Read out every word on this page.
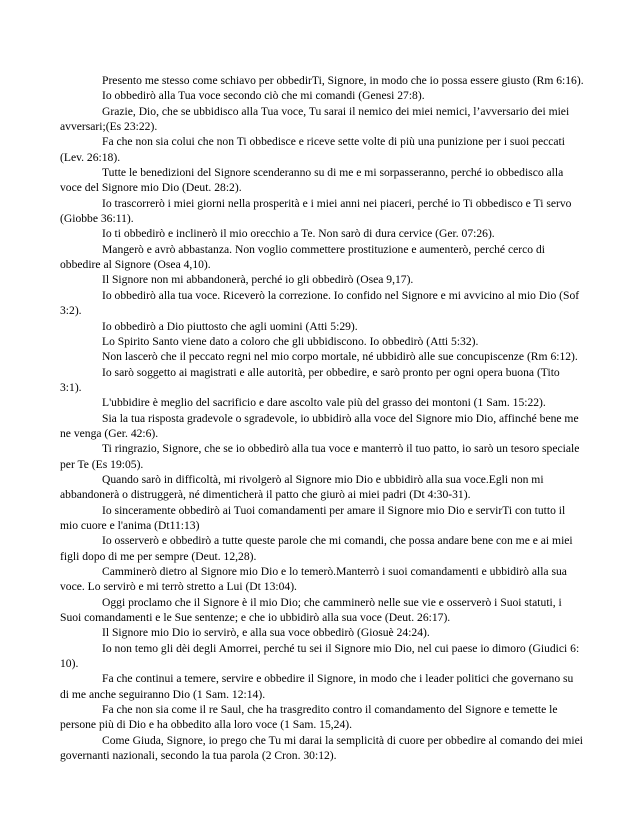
Presento me stesso come schiavo per obbedirTi, Signore, in modo che io possa essere giusto (Rm 6:16).

Io obbedirò alla Tua voce secondo ciò che mi comandi (Genesi 27:8).

Grazie, Dio, che se ubbidisco alla Tua voce, Tu sarai il nemico dei miei nemici, l’avversario dei miei avversari;(Es 23:22).

Fa che non sia colui che non Ti obbedisce e riceve sette volte di più una punizione per i suoi peccati (Lev. 26:18).

Tutte le benedizioni del Signore scenderanno su di me e mi sorpasseranno, perché io obbedisco alla voce del Signore mio Dio (Deut. 28:2).

Io trascorrerò i miei giorni nella prosperità e i miei anni nei piaceri, perché io Ti obbedisco e Ti servo (Giobbe 36:11).

Io ti obbedirò e inclinerò il mio orecchio a Te. Non sarò di dura cervice (Ger. 07:26).

Mangerò e avrò abbastanza. Non voglio commettere prostituzione e aumenterò, perché cerco di obbedire al Signore (Osea 4,10).

Il Signore non mi abbandonerà, perché io gli obbedirò (Osea 9,17).

Io obbedirò alla tua voce. Riceverò la correzione. Io confido nel Signore e mi avvicino al mio Dio (Sof 3:2).

Io obbedirò a Dio piuttosto che agli uomini (Atti 5:29).

Lo Spirito Santo viene dato a coloro che gli ubbidiscono. Io obbedirò (Atti 5:32).

Non lascerò che il peccato regni nel mio corpo mortale, né ubbidirò alle sue concupiscenze (Rm 6:12).

Io sarò soggetto ai magistrati e alle autorità, per obbedire, e sarò pronto per ogni opera buona (Tito 3:1).

L'ubbidire è meglio del sacrificio e dare ascolto vale più del grasso dei montoni (1 Sam. 15:22).

Sia la tua risposta gradevole o sgradevole, io ubbidirò alla voce del Signore mio Dio, affinché bene me ne venga (Ger. 42:6).

Ti ringrazio, Signore, che se io obbedirò alla tua voce e manterrò il tuo patto, io sarò un tesoro speciale per Te (Es 19:05).

Quando sarò in difficoltà, mi rivolgerò al Signore mio Dio e ubbidirò alla sua voce.Egli non mi abbandonerà o distruggerà, né dimenticherà il patto che giurò ai miei padri (Dt 4:30-31).

Io sinceramente obbedirò ai Tuoi comandamenti per amare il Signore mio Dio e servirTi con tutto il mio cuore e l'anima (Dt11:13)

Io osserverò e obbedirò a tutte queste parole che mi comandi, che possa andare bene con me e ai miei figli dopo di me per sempre (Deut. 12,28).

Camminerò dietro al Signore mio Dio e lo temerò.Manterrò i suoi comandamenti e ubbidirò alla sua voce. Lo servirò e mi terrò stretto a Lui (Dt 13:04).

Oggi proclamo che il Signore è il mio Dio; che camminerò nelle sue vie e osserverò i Suoi statuti, i Suoi comandamenti e le Sue sentenze; e che io ubbidirò alla sua voce (Deut. 26:17).

Il Signore mio Dio io servirò, e alla sua voce obbedirò (Giosuè 24:24).

Io non temo gli dèi degli Amorrei, perché tu sei il Signore mio Dio, nel cui paese io dimoro (Giudici 6: 10).

Fa che continui a temere, servire e obbedire il Signore, in modo che i leader politici che governano su di me anche seguiranno Dio (1 Sam. 12:14).

Fa che non sia come il re Saul, che ha trasgredito contro il comandamento del Signore e temette le persone più di Dio e ha obbedito alla loro voce (1 Sam. 15,24).

Come Giuda, Signore, io prego che Tu mi darai la semplicità di cuore per obbedire al comando dei miei governanti nazionali, secondo la tua parola (2 Cron. 30:12).
